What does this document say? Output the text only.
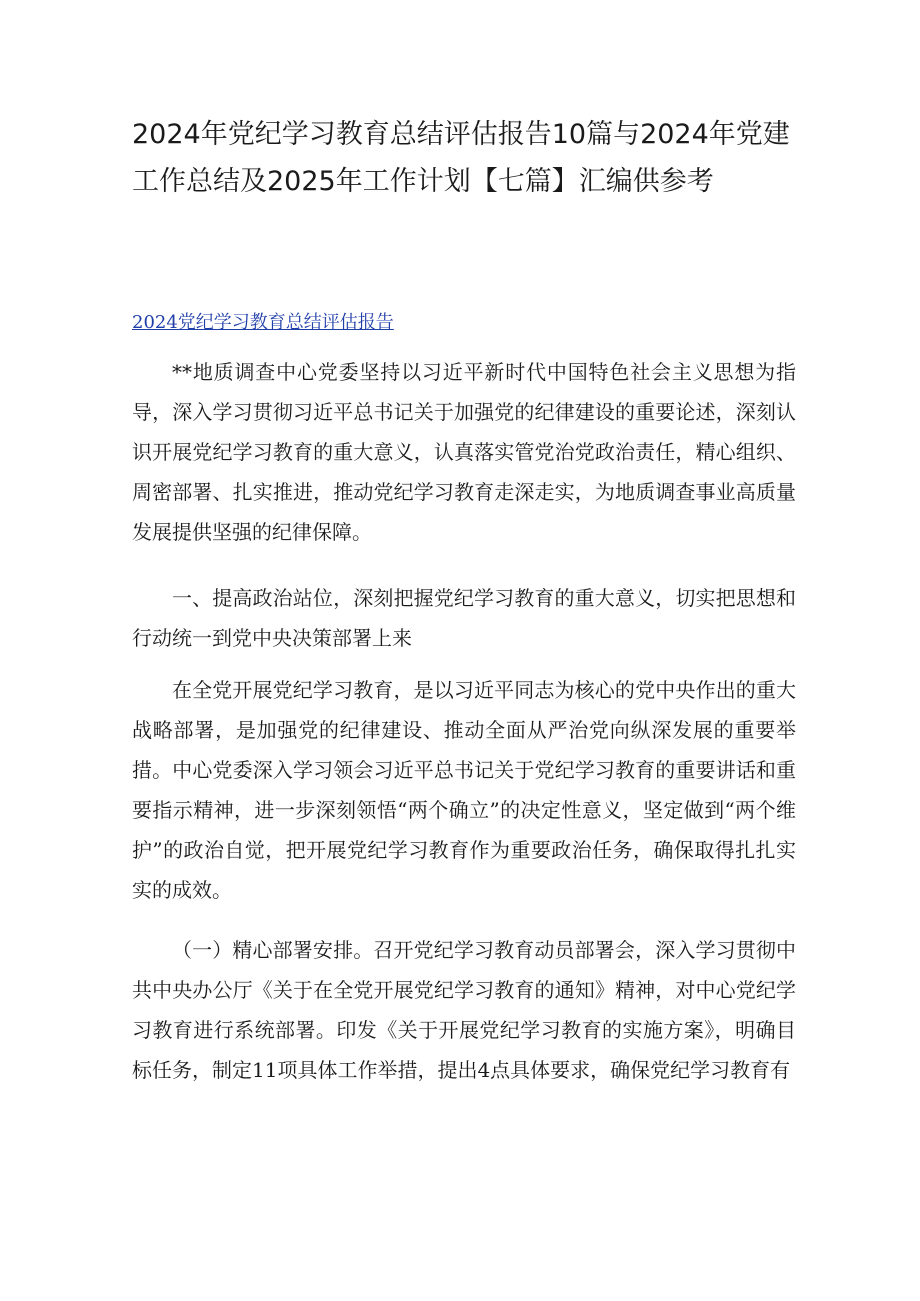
2024年党纪学习教育总结评估报告10篇与2024年党建工作总结及2025年工作计划【七篇】汇编供参考
2024党纪学习教育总结评估报告

**地质调查中心党委坚持以习近平新时代中国特色社会主义思想为指导，深入学习贯彻习近平总书记关于加强党的纪律建设的重要论述，深刻认识开展党纪学习教育的重大意义，认真落实管党治党政治责任，精心组织、周密部署、扎实推进，推动党纪学习教育走深走实，为地质调查事业高质量发展提供坚强的纪律保障。

一、提高政治站位，深刻把握党纪学习教育的重大意义，切实把思想和行动统一到党中央决策部署上来

在全党开展党纪学习教育，是以习近平同志为核心的党中央作出的重大战略部署，是加强党的纪律建设、推动全面从严治党向纵深发展的重要举措。中心党委深入学习领会习近平总书记关于党纪学习教育的重要讲话和重要指示精神，进一步深刻领悟“两个确立”的决定性意义，坚定做到“两个维护”的政治自觉，把开展党纪学习教育作为重要政治任务，确保取得扎扎实实的成效。

（一）精心部署安排。召开党纪学习教育动员部署会，深入学习贯彻中共中央办公厅《关于在全党开展党纪学习教育的通知》精神，对中心党纪学习教育进行系统部署。印发《关于开展党纪学习教育的实施方案》，明确目标任务，制定11项具体工作举措，提出4点具体要求，确保党纪学习教育有
